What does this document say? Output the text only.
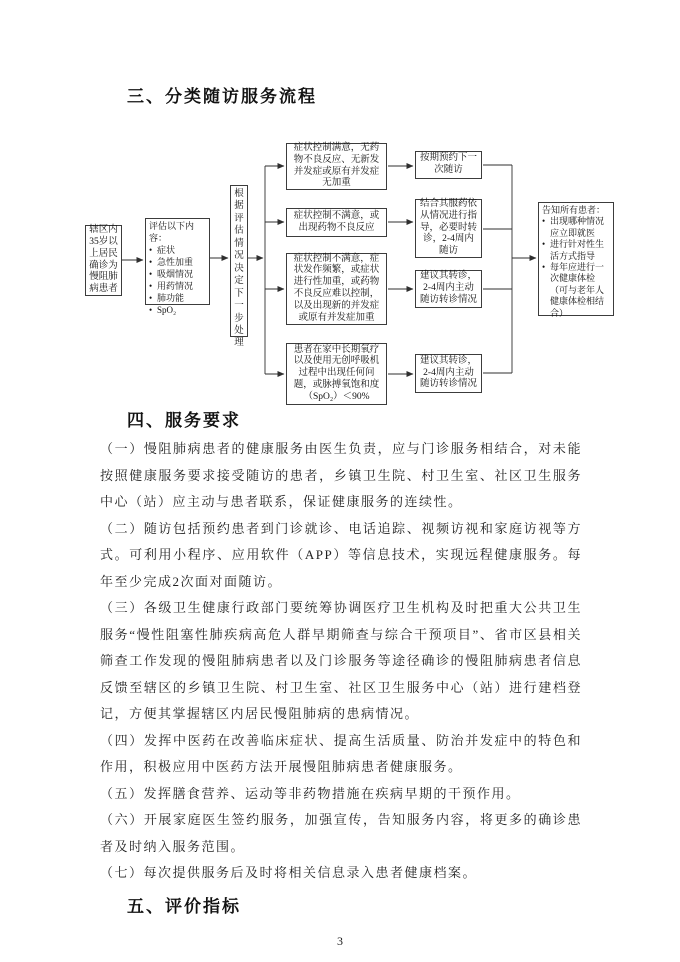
三、分类随访服务流程
辖区内35岁以上居民确诊为慢阻肺病患者
评估以下内容：
• 症状
• 急性加重
• 吸烟情况
• 用药情况
• 肺功能
• SpO₂
根据评估情况决定下一步处理
症状控制满意，无药物不良反应、无新发并发症或原有并发症无加重
症状控制不满意，或出现药物不良反应
症状控制不满意，症状发作频繁，或症状进行性加重，或药物不良反应难以控制，以及出现新的并发症或原有并发症加重
患者在家中长期氧疗以及使用无创呼吸机过程中出现任何问题，或脉搏氧饱和度（SpO₂）＜90%
按期预约下一次随访
结合其服药依从情况进行指导，必要时转诊，2-4周内随访
建议其转诊，2-4周内主动随访转诊情况
建议其转诊，2-4周内主动随访转诊情况
告知所有患者：
• 出现哪种情况应立即就医
• 进行针对性生活方式指导
• 每年应进行一次健康体检（可与老年人健康体检相结合）
四、服务要求

（一）慢阻肺病患者的健康服务由医生负责，应与门诊服务相结合，对未能按照健康服务要求接受随访的患者，乡镇卫生院、村卫生室、社区卫生服务中心（站）应主动与患者联系，保证健康服务的连续性。

（二）随访包括预约患者到门诊就诊、电话追踪、视频访视和家庭访视等方式。可利用小程序、应用软件（APP）等信息技术，实现远程健康服务。每年至少完成2次面对面随访。

（三）各级卫生健康行政部门要统筹协调医疗卫生机构及时把重大公共卫生服务“慢性阻塞性肺疾病高危人群早期筛查与综合干预项目”、省市区县相关筛查工作发现的慢阻肺病患者以及门诊服务等途径确诊的慢阻肺病患者信息反馈至辖区的乡镇卫生院、村卫生室、社区卫生服务中心（站）进行建档登记，方便其掌握辖区内居民慢阻肺病的患病情况。

（四）发挥中医药在改善临床症状、提高生活质量、防治并发症中的特色和作用，积极应用中医药方法开展慢阻肺病患者健康服务。

（五）发挥膳食营养、运动等非药物措施在疾病早期的干预作用。

（六）开展家庭医生签约服务，加强宣传，告知服务内容，将更多的确诊患者及时纳入服务范围。

（七）每次提供服务后及时将相关信息录入患者健康档案。

五、评价指标
3
